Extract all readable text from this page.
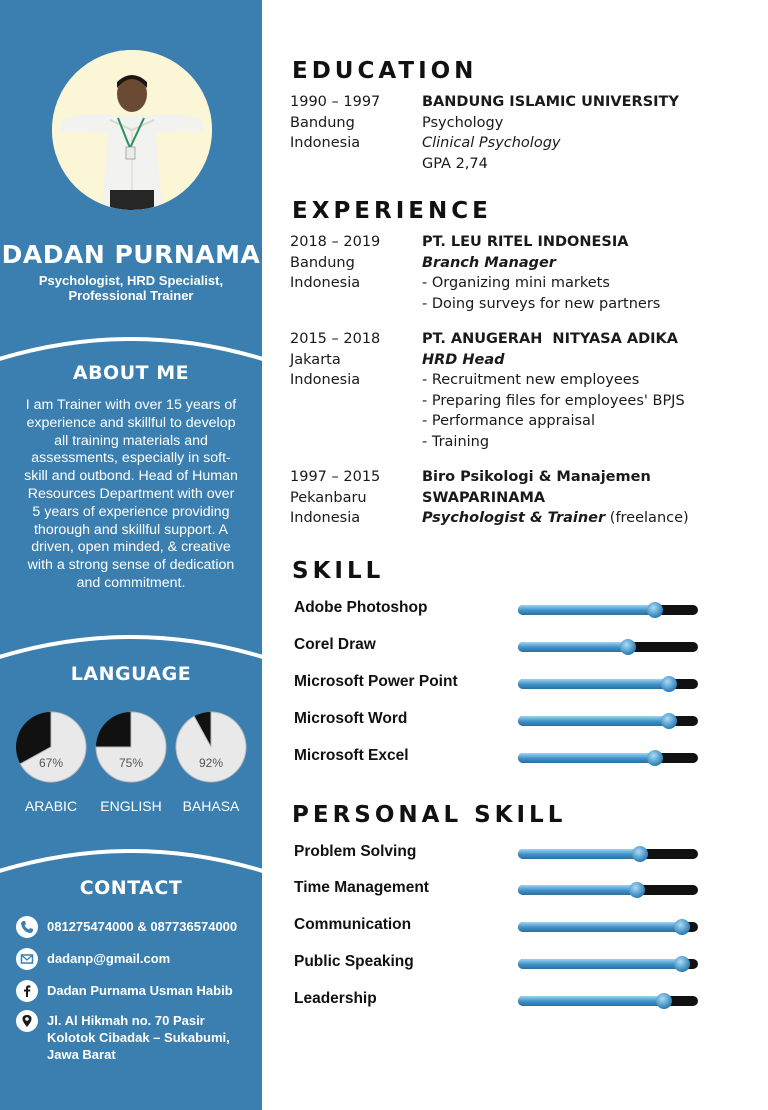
DADAN PURNAMA
Psychologist, HRD Specialist,
Professional Trainer
ABOUT ME
I am Trainer with over 15 years of experience and skillful to develop all training materials and assessments, especially in soft-skill and outbond. Head of Human Resources Department with over 5 years of experience providing thorough and skillful support. A driven, open minded, & creative with a strong sense of dedication and commitment.
LANGUAGE
67%
ARABIC
75%
ENGLISH
92%
BAHASA
CONTACT
081275474000 & 087736574000
dadanp@gmail.com
Dadan Purnama Usman Habib
Jl. Al Hikmah no. 70 Pasir
Kolotok Cibadak – Sukabumi,
Jawa Barat
EDUCATION
1990 – 1997
Bandung
Indonesia
BANDUNG ISLAMIC UNIVERSITY
Psychology
Clinical Psychology
GPA 2,74
EXPERIENCE
2018 – 2019
Bandung
Indonesia
PT. LEU RITEL INDONESIA
Branch Manager
- Organizing mini markets
- Doing surveys for new partners
2015 – 2018
Jakarta
Indonesia
PT. ANUGERAH  NITYASA ADIKA
HRD Head
- Recruitment new employees
- Preparing files for employees' BPJS
- Performance appraisal
- Training
1997 – 2015
Pekanbaru
Indonesia
Biro Psikologi & Manajemen
SWAPARINAMA
Psychologist & Trainer (freelance)
SKILL
Adobe Photoshop
Corel Draw
Microsoft Power Point
Microsoft Word
Microsoft Excel
PERSONAL SKILL
Problem Solving
Time Management
Communication
Public Speaking
Leadership
